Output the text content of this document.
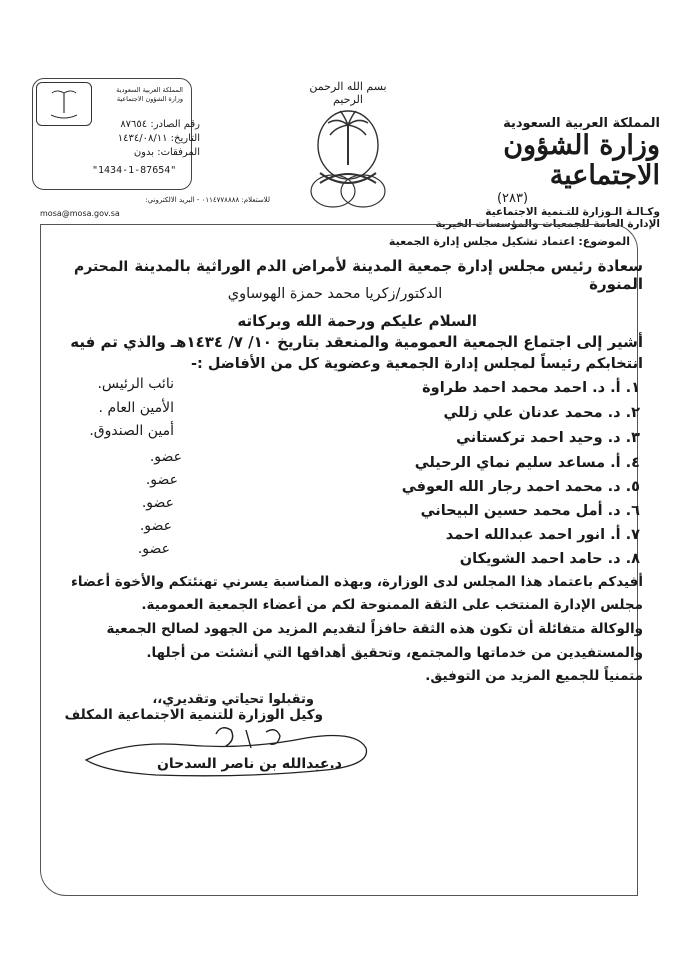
المملكة العربية السعودية
وزارة الشؤون الاجتماعية
(٢٨٣)
وكـالـة الـوزارة للتـنمية الاجتماعية
الإدارة العامة للجمعيات والمؤسسات الخيرية
بسم الله الرحمن الرحيم
المملكة العربية السعودية
وزارة الشؤون الاجتماعية
رقم الصادر: ٨٧٦٥٤
التاريخ: ١٤٣٤/٠٨/١١
المرفقات: بدون
"1434-1-87654"
للاستعلام: ٠١١٤٧٧٨٨٨٨ - البريد الالكتروني:
mosa@mosa.gov.sa
الموضوع: اعتماد تشكيل مجلس إدارة الجمعية
سعادة رئيس مجلس إدارة جمعية المدينة لأمراض الدم الوراثية بالمدينة المنورة
المحترم
الدكتور/زكريا محمد حمزة الهوساوي
السلام عليكم ورحمة الله وبركاته
أشير إلى اجتماع الجمعية العمومية والمنعقد بتاريخ ١٠/ ٧/ ١٤٣٤هـ والذي تم فيه
انتخابكم رئيساً لمجلس إدارة الجمعية وعضوية كل من الأفاضل :-
١. أ. د. احمد محمد احمد طراوة
نائب الرئيس.
٢. د. محمد عدنان علي زللي
الأمين العام .
٣. د. وحيد احمد تركستاني
أمين الصندوق.
٤. أ. مساعد سليم نماي الرحيلي
عضو.
٥. د. محمد احمد رجار الله العوفي
عضو.
٦. د. أمل محمد حسين البيحاني
عضو.
٧. أ. انور احمد عبدالله احمد
عضو.
٨. د. حامد احمد الشويكان
عضو.
أفيدكم باعتماد هذا المجلس لدى الوزارة، وبهذه المناسبة يسرني تهنئتكم والأخوة أعضاء
مجلس الإدارة المنتخب على الثقة الممنوحة لكم من أعضاء الجمعية العمومية.
والوكالة متفائلة أن تكون هذه الثقة حافزاً لتقديم المزيد من الجهود لصالح الجمعية
والمستفيدين من خدماتها والمجتمع، وتحقيق أهدافها التي أنشئت من أجلها.
متمنياً للجميع المزيد من التوفيق.
وتقبلوا تحياتي وتقديري،،
وكيل الوزارة للتنمية الاجتماعية المكلف
د.عبدالله بن ناصر السدحان
